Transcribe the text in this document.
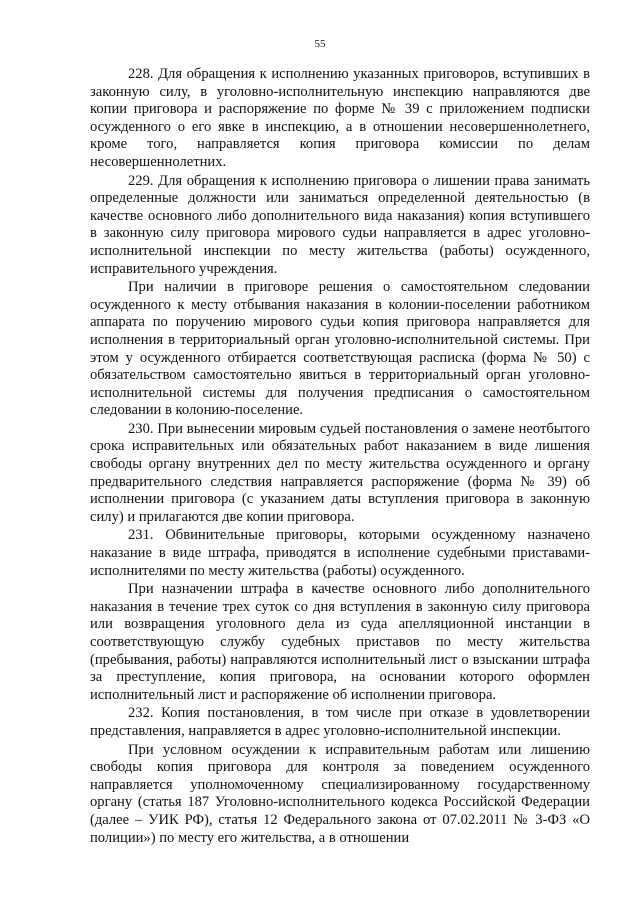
55

228. Для обращения к исполнению указанных приговоров, вступивших в законную силу, в уголовно-исполнительную инспекцию направляются две копии приговора и распоряжение по форме № 39 с приложением подписки осужденного о его явке в инспекцию, а в отношении несовершеннолетнего, кроме того, направляется копия приговора комиссии по делам несовершеннолетних.

229. Для обращения к исполнению приговора о лишении права занимать определенные должности или заниматься определенной деятельностью (в качестве основного либо дополнительного вида наказания) копия вступившего в законную силу приговора мирового судьи направляется в адрес уголовно-исполнительной инспекции по месту жительства (работы) осужденного, исправительного учреждения.

При наличии в приговоре решения о самостоятельном следовании осужденного к месту отбывания наказания в колонии-поселении работником аппарата по поручению мирового судьи копия приговора направляется для исполнения в территориальный орган уголовно-исполнительной системы. При этом у осужденного отбирается соответствующая расписка (форма № 50) с обязательством самостоятельно явиться в территориальный орган уголовно-исполнительной системы для получения предписания о самостоятельном следовании в колонию-поселение.

230. При вынесении мировым судьей постановления о замене неотбытого срока исправительных или обязательных работ наказанием в виде лишения свободы органу внутренних дел по месту жительства осужденного и органу предварительного следствия направляется распоряжение (форма № 39) об исполнении приговора (с указанием даты вступления приговора в законную силу) и прилагаются две копии приговора.

231. Обвинительные приговоры, которыми осужденному назначено наказание в виде штрафа, приводятся в исполнение судебными приставами-исполнителями по месту жительства (работы) осужденного.

При назначении штрафа в качестве основного либо дополнительного наказания в течение трех суток со дня вступления в законную силу приговора или возвращения уголовного дела из суда апелляционной инстанции в соответствующую службу судебных приставов по месту жительства (пребывания, работы) направляются исполнительный лист о взыскании штрафа за преступление, копия приговора, на основании которого оформлен исполнительный лист и распоряжение об исполнении приговора.

232. Копия постановления, в том числе при отказе в удовлетворении представления, направляется в адрес уголовно-исполнительной инспекции.

При условном осуждении к исправительным работам или лишению свободы копия приговора для контроля за поведением осужденного направляется уполномоченному специализированному государственному органу (статья 187 Уголовно-исполнительного кодекса Российской Федерации (далее – УИК РФ), статья 12 Федерального закона от 07.02.2011 № 3-ФЗ «О полиции») по месту его жительства, а в отношении
